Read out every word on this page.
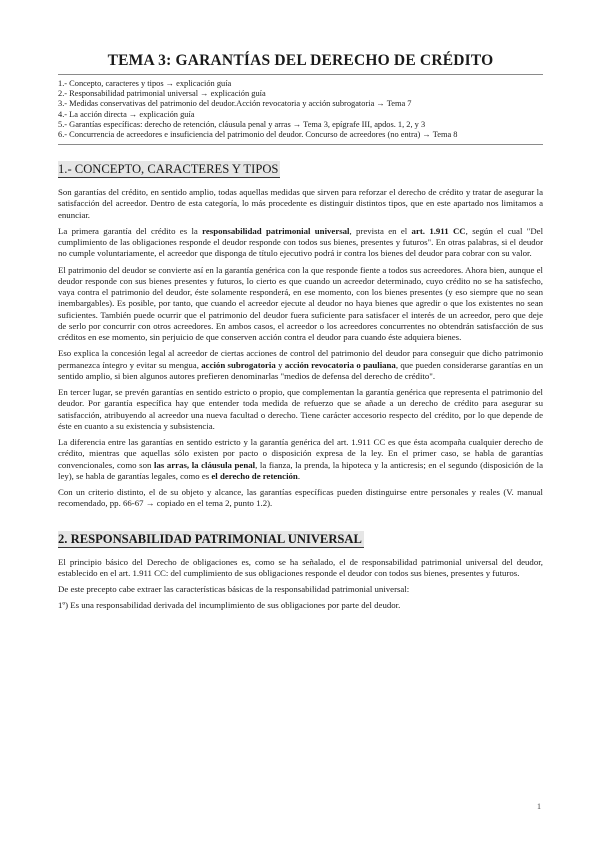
TEMA 3: GARANTÍAS DEL DERECHO DE CRÉDITO
1.- Concepto, caracteres y tipos → explicación guía
2.- Responsabilidad patrimonial universal → explicación guía
3.- Medidas conservativas del patrimonio del deudor.Acción revocatoria y acción subrogatoria → Tema 7
4.- La acción directa → explicación guía
5.- Garantías específicas: derecho de retención, cláusula penal y arras → Tema 3, epígrafe III, apdos. 1, 2, y 3
6.- Concurrencia de acreedores e insuficiencia del patrimonio del deudor. Concurso de acreedores (no entra) → Tema 8
1.- CONCEPTO, CARACTERES Y TIPOS

Son garantías del crédito, en sentido amplio, todas aquellas medidas que sirven para reforzar el derecho de crédito y tratar de asegurar la satisfacción del acreedor. Dentro de esta categoría, lo más procedente es distinguir distintos tipos, que en este apartado nos limitamos a enunciar.

La primera garantía del crédito es la responsabilidad patrimonial universal, prevista en el art. 1.911 CC, según el cual "Del cumplimiento de las obligaciones responde el deudor responde con todos sus bienes, presentes y futuros". En otras palabras, si el deudor no cumple voluntariamente, el acreedor que disponga de título ejecutivo podrá ir contra los bienes del deudor para cobrar con su valor.

El patrimonio del deudor se convierte así en la garantía genérica con la que responde fiente a todos sus acreedores. Ahora bien, aunque el deudor responde con sus bienes presentes y futuros, lo cierto es que cuando un acreedor determinado, cuyo crédito no se ha satisfecho, vaya contra el patrimonio del deudor, éste solamente responderá, en ese momento, con los bienes presentes (y eso siempre que no sean inembargables). Es posible, por tanto, que cuando el acreedor ejecute al deudor no haya bienes que agredir o que los existentes no sean suficientes. También puede ocurrir que el patrimonio del deudor fuera suficiente para satisfacer el interés de un acreedor, pero que deje de serlo por concurrir con otros acreedores. En ambos casos, el acreedor o los acreedores concurrentes no obtendrán satisfacción de sus créditos en ese momento, sin perjuicio de que conserven acción contra el deudor para cuando éste adquiera bienes.

Eso explica la concesión legal al acreedor de ciertas acciones de control del patrimonio del deudor para conseguir que dicho patrimonio permanezca íntegro y evitar su mengua, acción subrogatoria y acción revocatoria o pauliana, que pueden considerarse garantías en un sentido amplio, si bien algunos autores prefieren denominarlas "medios de defensa del derecho de crédito".

En tercer lugar, se prevén garantías en sentido estricto o propio, que complementan la garantía genérica que representa el patrimonio del deudor. Por garantía específica hay que entender toda medida de refuerzo que se añade a un derecho de crédito para asegurar su satisfacción, atribuyendo al acreedor una nueva facultad o derecho. Tiene carácter accesorio respecto del crédito, por lo que depende de éste en cuanto a su existencia y subsistencia.

La diferencia entre las garantías en sentido estricto y la garantía genérica del art. 1.911 CC es que ésta acompaña cualquier derecho de crédito, mientras que aquellas sólo existen por pacto o disposición expresa de la ley. En el primer caso, se habla de garantías convencionales, como son las arras, la cláusula penal, la fianza, la prenda, la hipoteca y la anticresis; en el segundo (disposición de la ley), se habla de garantías legales, como es el derecho de retención.

Con un criterio distinto, el de su objeto y alcance, las garantías específicas pueden distinguirse entre personales y reales (V. manual recomendado, pp. 66-67 → copiado en el tema 2, punto 1.2).

2. RESPONSABILIDAD PATRIMONIAL UNIVERSAL

El principio básico del Derecho de obligaciones es, como se ha señalado, el de responsabilidad patrimonial universal del deudor, establecido en el art. 1.911 CC: del cumplimiento de sus obligaciones responde el deudor con todos sus bienes, presentes y futuros.

De este precepto cabe extraer las características básicas de la responsabilidad patrimonial universal:

1º) Es una responsabilidad derivada del incumplimiento de sus obligaciones por parte del deudor.

1
